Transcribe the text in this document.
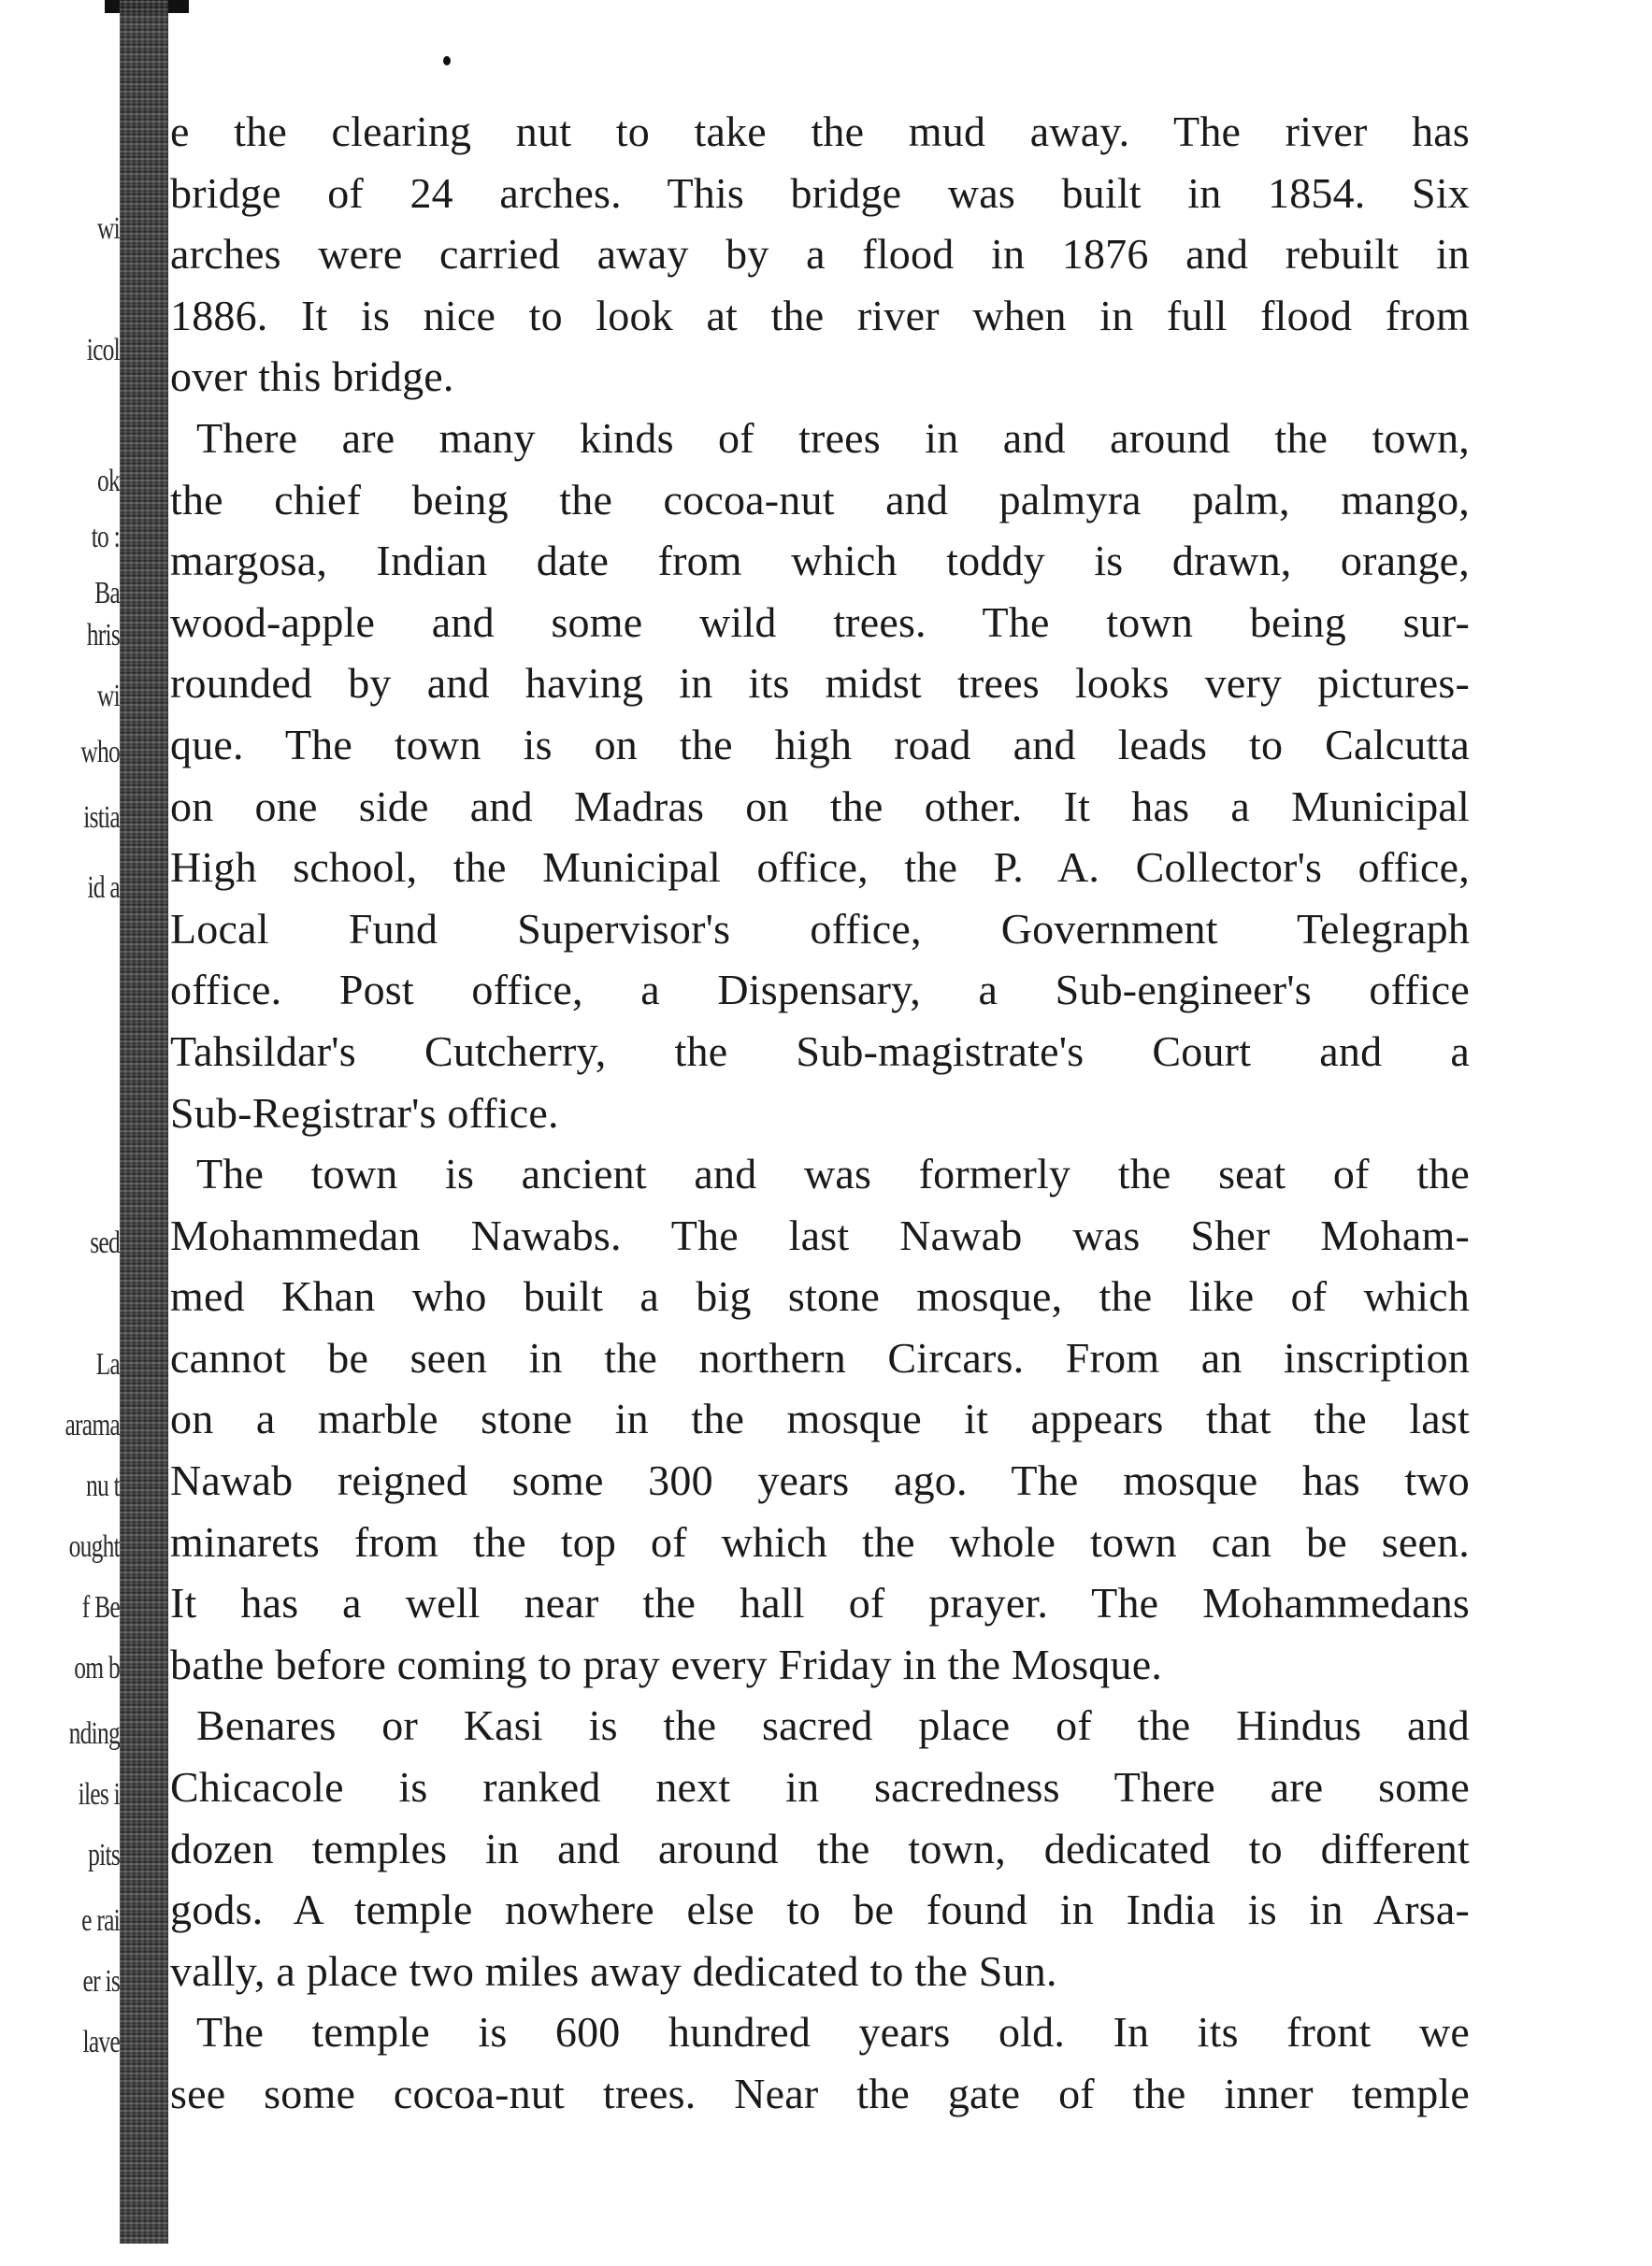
wi
icol
ok
to :
Ba
hris
wi
who
istia
id a
sed
La
arama
nu t
ought
f Be
om b
nding
iles i
pits
e rai
er is
lave
e the clearing nut to take the mud away. The river has
bridge of 24 arches. This bridge was built in 1854. Six
arches were carried away by a flood in 1876 and rebuilt in
1886. It is nice to look at the river when in full flood from
over this bridge.
There are many kinds of trees in and around the town,
the chief being the cocoa-nut and palmyra palm, mango,
margosa, Indian date from which toddy is drawn, orange,
wood-apple and some wild trees. The town being sur-
rounded by and having in its midst trees looks very pictures-
que. The town is on the high road and leads to Calcutta
on one side and Madras on the other. It has a Municipal
High school, the Municipal office, the P. A. Collector's office,
Local Fund Supervisor's office, Government Telegraph
office. Post office, a Dispensary, a Sub-engineer's office
Tahsildar's Cutcherry, the Sub-magistrate's Court and a
Sub-Registrar's office.
The town is ancient and was formerly the seat of the
Mohammedan Nawabs. The last Nawab was Sher Moham-
med Khan who built a big stone mosque, the like of which
cannot be seen in the northern Circars. From an inscription
on a marble stone in the mosque it appears that the last
Nawab reigned some 300 years ago. The mosque has two
minarets from the top of which the whole town can be seen.
It has a well near the hall of prayer. The Mohammedans
bathe before coming to pray every Friday in the Mosque.
Benares or Kasi is the sacred place of the Hindus and
Chicacole is ranked next in sacredness There are some
dozen temples in and around the town, dedicated to different
gods. A temple nowhere else to be found in India is in Arsa-
vally, a place two miles away dedicated to the Sun.
The temple is 600 hundred years old. In its front we
see some cocoa-nut trees. Near the gate of the inner temple
